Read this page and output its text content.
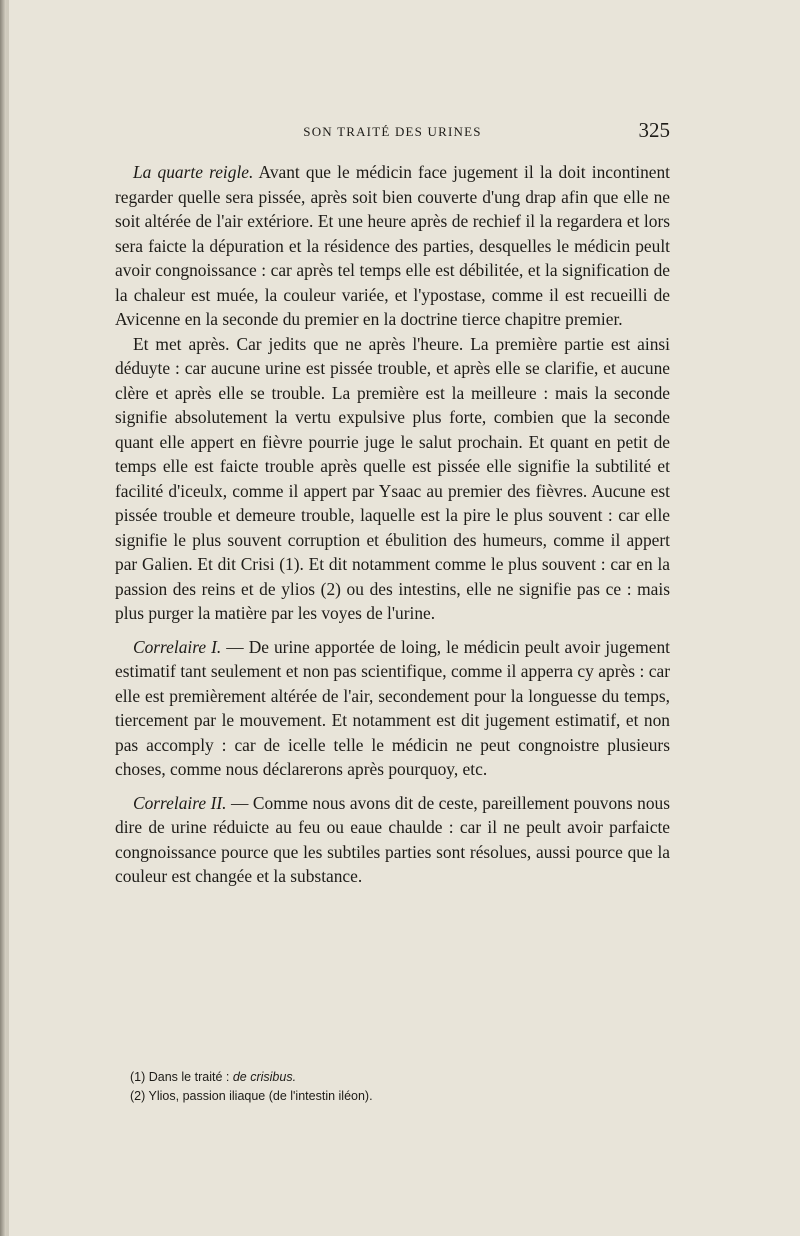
SON TRAITÉ DES URINES	325

La quarte reigle. Avant que le médicin face jugement il la doit incontinent regarder quelle sera pissée, après soit bien couverte d'ung drap afin que elle ne soit altérée de l'air extériore. Et une heure après de rechief il la regardera et lors sera faicte la dépuration et la résidence des parties, desquelles le médicin peult avoir congnoissance : car après tel temps elle est débilitée, et la signification de la chaleur est muée, la couleur variée, et l'ypostase, comme il est recueilli de Avicenne en la seconde du premier en la doctrine tierce chapitre premier.

Et met après. Car jedits que ne après l'heure. La première partie est ainsi déduyte : car aucune urine est pissée trouble, et après elle se clarifie, et aucune clère et après elle se trouble. La première est la meilleure : mais la seconde signifie absolutement la vertu expulsive plus forte, combien que la seconde quant elle appert en fièvre pourrie juge le salut prochain. Et quant en petit de temps elle est faicte trouble après quelle est pissée elle signifie la subtilité et facilité d'iceulx, comme il appert par Ysaac au premier des fièvres. Aucune est pissée trouble et demeure trouble, laquelle est la pire le plus souvent : car elle signifie le plus souvent corruption et ébulition des humeurs, comme il appert par Galien. Et dit Crisi (1). Et dit notamment comme le plus souvent : car en la passion des reins et de ylios (2) ou des intestins, elle ne signifie pas ce : mais plus purger la matière par les voyes de l'urine.

Correlaire I. — De urine apportée de loing, le médicin peult avoir jugement estimatif tant seulement et non pas scientifique, comme il apperra cy après : car elle est premièrement altérée de l'air, secondement pour la longuesse du temps, tiercement par le mouvement. Et notamment est dit jugement estimatif, et non pas accomply : car de icelle telle le médicin ne peut congnoistre plusieurs choses, comme nous déclarerons après pourquoy, etc.

Correlaire II. — Comme nous avons dit de ceste, pareillement pouvons nous dire de urine réduicte au feu ou eaue chaulde : car il ne peult avoir parfaicte congnoissance pource que les subtiles parties sont résolues, aussi pource que la couleur est changée et la substance.

(1) Dans le traité : de crisibus.

(2) Ylios, passion iliaque (de l'intestin iléon).
